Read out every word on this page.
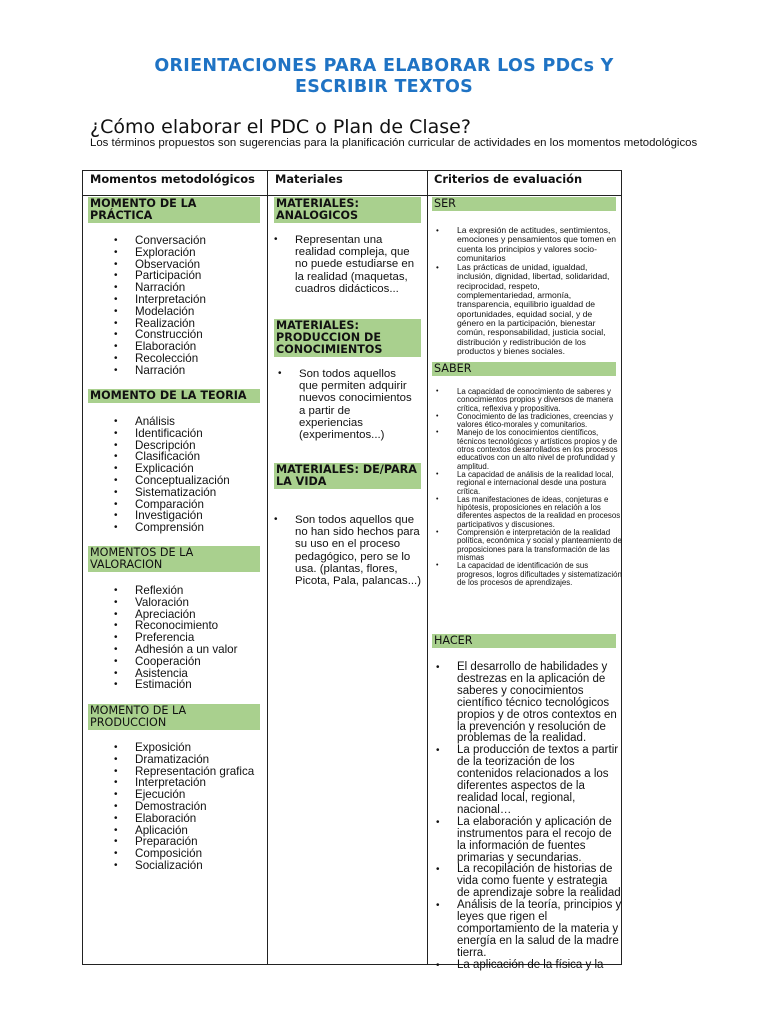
ORIENTACIONES PARA ELABORAR LOS PDCs Y
ESCRIBIR TEXTOS
¿Cómo elaborar el PDC o Plan de Clase?
Los términos propuestos son sugerencias para la planificación curricular de actividades en los momentos metodológicos
Momentos metodológicos Materiales	Criterios de evaluación
MOMENTO DE LA PRÁCTICA
• Conversación
• Exploración
• Observación
• Participación
• Narración
• Interpretación
• Modelación
• Realización
• Construcción
• Elaboración
• Recolección
• Narración
MOMENTO DE LA TEORIA
• Análisis
• Identificación
• Descripción
• Clasificación
• Explicación
• Conceptualización
• Sistematización
• Comparación
• Investigación
• Comprensión
MOMENTOS DE LA VALORACION
• Reflexión
• Valoración
• Apreciación
• Reconocimiento
• Preferencia
• Adhesión a un valor
• Cooperación
• Asistencia
• Estimación
MOMENTO DE LA PRODUCCION
• Exposición
• Dramatización
• Representación grafica
• Interpretación
• Ejecución
• Demostración
• Elaboración
• Aplicación
• Preparación
• Composición
• Socialización
MATERIALES: ANALOGICOS
• Representan una realidad compleja, que no puede estudiarse en la realidad (maquetas, cuadros didácticos...
MATERIALES: PRODUCCION DE CONOCIMIENTOS
• Son todos aquellos que permiten adquirir nuevos conocimientos a partir de experiencias (experimentos...)
MATERIALES: DE/PARA LA VIDA
• Son todos aquellos que no han sido hechos para su uso en el proceso pedagógico, pero se lo usa. (plantas, flores, Picota, Pala, palancas...)
SER
• La expresión de actitudes, sentimientos, emociones y pensamientos que tomen en cuenta los principios y valores socio-comunitarios
• Las prácticas de unidad, igualdad, inclusión, dignidad, libertad, solidaridad, reciprocidad, respeto, complementariedad, armonía, transparencia, equilibrio igualdad de oportunidades, equidad social, y de género en la participación, bienestar común, responsabilidad, justicia social, distribución y redistribución de los productos y bienes sociales.
SABER
• La capacidad de conocimiento de saberes y conocimientos propios y diversos de manera crítica, reflexiva y propositiva.
• Conocimiento de las tradiciones, creencias y valores ético-morales y comunitarios.
• Manejo de los conocimientos científicos, técnicos tecnológicos y artísticos propios y de otros contextos desarrollados en los procesos educativos con un alto nivel de profundidad y amplitud.
• La capacidad de análisis de la realidad local, regional e internacional desde una postura crítica.
• Las manifestaciones de ideas, conjeturas e hipótesis, proposiciones en relación a los diferentes aspectos de la realidad en procesos participativos y discusiones.
• Comprensión e interpretación de la realidad política, económica y social y planteamiento de proposiciones para la transformación de las mismas
• La capacidad de identificación de sus progresos, logros dificultades y sistematización de los procesos de aprendizajes.
HACER
• El desarrollo de habilidades y destrezas en la aplicación de saberes y conocimientos científico técnico tecnológicos propios y de otros contextos en la prevención y resolución de problemas de la realidad.
• La producción de textos a partir de la teorización de los contenidos relacionados a los diferentes aspectos de la realidad local, regional, nacional…
• La elaboración y aplicación de instrumentos para el recojo de la información de fuentes primarias y secundarias.
• La recopilación de historias de vida como fuente y estrategia de aprendizaje sobre la realidad
• Análisis de la teoría, principios y leyes que rigen el comportamiento de la materia y energía en la salud de la madre tierra.
• La aplicación de la física y la
